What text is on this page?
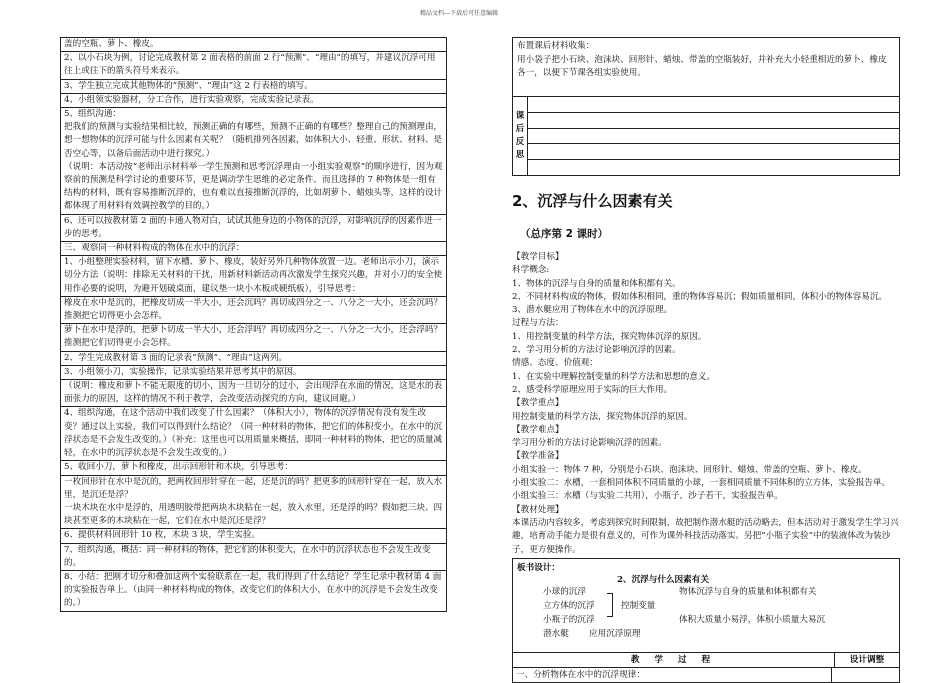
精品文档---下载后可任意编辑

盖的空瓶、萝卜、橡皮。

2、以小石块为例，讨论完成教材第 2 面表格的前面 2 行“预测”、“理由”的填写，并建议沉浮可用往上或往下的箭头符号来表示。

3、学生独立完成其他物体的“预测”、“理由”这 2 行表格的填写。

4、小组领实验器材，分工合作，进行实验观察，完成实验记录表。

5、组织沟通：

把我们的预测与实验结果相比较，预测正确的有哪些，预测不正确的有哪些？整理自己的预测理由，想一想物体的沉浮可能与什么因素有关呢？（随机排列各因素，如体积大小、轻重、形状、材料、是否空心等，以备后面活动中进行探究。）

（说明：本活动按“老师出示材料举一学生预测和思考沉浮理由一小组实验观察”的顺序进行，因为观察前的预测是科学讨论的重要环节，更是调动学生思维的必定条件。而且选择的 7 种物体是一组有结构的材料，既有容易推断沉浮的，也有难以直接推断沉浮的，比如胡萝卜、蜡烛头等，这样的设计都体现了用材料有效调控教学的目的。）

6、还可以按教材第 2 面的卡通人物对白，试试其他身边的小物体的沉浮，对影响沉浮的因素作进一步的思考。

三、观察同一种材料构成的物体在水中的沉浮：

1、小组整理实验材料，留下水槽、萝卜、橡皮，装好另外几种物体放置一边。老师出示小刀，演示切分方法（说明：排除无关材料的干扰，用新材料新活动再次激发学生探究兴趣，并对小刀的安全使用作必要的说明，为避开划破桌面，建议垫一块小木板或硬纸板），引导思考：

橡皮在水中是沉的，把橡皮切成一半大小，还会沉吗？再切成四分之一、八分之一大小，还会沉吗？推测把它切得更小会怎样。

萝卜在水中是浮的，把萝卜切成一半大小，还会浮吗？再切成四分之一、八分之一大小，还会浮吗？推测把它们切得更小会怎样。

2、学生完成教材第 3 面的记录表“预测”、“理由”这两列。

3、小组领小刀，实验操作，记录实验结果并思考其中的原因。

（说明：橡皮和萝卜不能无限度的切小，因为一旦切分的过小，会出现浮在水面的情况，这是水的表面张力的原因，这样的情况不利于教学，会改变活动探究的方向，建议回避。）

4、组织沟通，在这个活动中我们改变了什么因素？（体积大小），物体的沉浮情况有没有发生改变？通过以上实验，我们可以得到什么结论？（同一种材料的物体，把它们的体积变小，在水中的沉浮状态是不会发生改变的。）（补充：这里也可以用质量来概括，即同一种材料的物体，把它的质量减轻，在水中的沉浮状态是不会发生改变的。）

5、收回小刀，萝卜和橡皮，出示回形针和木块，引导思考：

一枚回形针在水中是沉的，把两枚回形针穿在一起，还是沉的吗？把更多的回形针穿在一起，放入水里，是沉还是浮？

一块木块在水中是浮的，用透明胶带把两块木块粘在一起，放入水里，还是浮的吗？假如把三块、四块甚至更多的木块粘在一起，它们在水中是沉还是浮？

6、提供材料回形针 10 枚，木块 3 块，学生实验。

7、组织沟通，概括：同一种材料的物体，把它们的体积变大，在水中的沉浮状态也不会发生改变的。

8、小结：把刚才切分和叠加这两个实验联系在一起，我们得到了什么结论？学生记录中教材第 4 面的实验报告单上。（由同一种材料构成的物体，改变它们的体积大小，在水中的沉浮是不会发生改变的。）

布置课后材料收集：
用小袋子把小石块、泡沫块、回形针、蜡烛、带盖的空瓶装好，并补充大小轻重相近的萝卜、橡皮各一，以便下节课各组实验使用。
课
后
反
思
2、沉浮与什么因素有关
（总序第 2 课时）

【教学目标】

科学概念:

1、物体的沉浮与自身的质量和体积都有关。

2、不同材料构成的物体，假如体积相同，重的物体容易沉；假如质量相同，体积小的物体容易沉。

3、潜水艇应用了物体在水中的沉浮原理。

过程与方法：

1、用控制变量的科学方法，探究物体沉浮的原因。

2、学习用分析的方法讨论影响沉浮的因素。

情感、态度、价值观：

1、在实验中理解控制变量的科学方法和思想的意义。

2、感受科学原理应用于实际的巨大作用。

【教学重点】

用控制变量的科学方法，探究物体沉浮的原因。

【教学难点】

学习用分析的方法讨论影响沉浮的因素。

【教学准备】

小组实验一：物体 7 种，分别是小石块、泡沫块、回形针、蜡烛、带盖的空瓶、萝卜、橡皮。

小组实验二：水槽，一套相同体积不同质量的小球，一套相同质量不同体积的立方体，实验报告单。

小组实验三：水槽（与实验二共用），小瓶子，沙子若干，实验报告单。

【教材处理】

本课活动内容较多，考虑到探究时间限制，故把制作潜水艇的活动略去，但本活动对于激发学生学习兴趣，培育动手能力是很有意义的，可作为课外科技活动落实。另把“小瓶子实验”中的装液体改为装沙子，更方便操作。

板书设计：
2、沉浮与什么因素有关
小球的沉浮
立方体的沉浮
小瓶子的沉浮
潜水艇
控制变量
应用沉浮原理
物体沉浮与自身的质量和体积都有关
体积大质量小易浮，体积小质量大易沉
教 学 过 程	设计调整
一、分析物体在水中的沉浮规律：
